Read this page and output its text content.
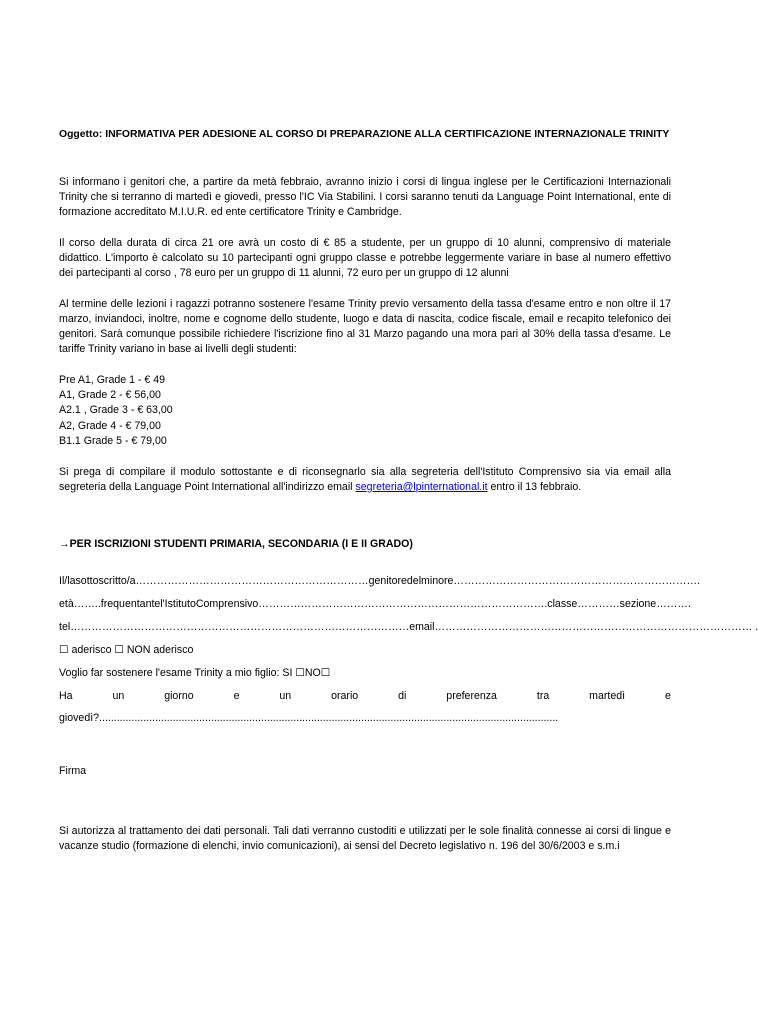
Oggetto: INFORMATIVA PER ADESIONE AL CORSO DI PREPARAZIONE ALLA CERTIFICAZIONE INTERNAZIONALE TRINITY

Si informano i genitori che, a partire da metà febbraio, avranno inizio i corsi di lingua inglese per le Certificazioni Internazionali Trinity che si terranno di martedì e giovedì, presso l'IC Via Stabilini. I corsi saranno tenuti da Language Point International, ente di formazione accreditato M.I.U.R. ed ente certificatore Trinity e Cambridge.

Il corso della durata di circa 21 ore avrà un costo di € 85 a studente, per un gruppo di 10 alunni, comprensivo di materiale didattico. L'importo è calcolato su 10 partecipanti ogni gruppo classe e potrebbe leggermente variare in base al numero effettivo dei partecipanti al corso , 78 euro per un gruppo di 11 alunni, 72 euro per un gruppo di 12 alunni

Al termine delle lezioni i ragazzi potranno sostenere l'esame Trinity previo versamento della tassa d'esame entro e non oltre il 17 marzo, inviandoci, inoltre, nome e cognome dello studente, luogo e data di nascita, codice fiscale, email e recapito telefonico dei genitori. Sarà comunque possibile richiedere l'iscrizione fino al 31 Marzo pagando una mora pari al 30% della tassa d'esame. Le tariffe Trinity variano in base ai livelli degli studenti:

Pre A1, Grade 1 - € 49
A1, Grade 2 - € 56,00
A2.1 , Grade 3 - € 63,00
A2, Grade 4 - € 79,00
B1.1 Grade 5 - € 79,00

Si prega di compilare il modulo sottostante e di riconsegnarlo sia alla segreteria dell'Istituto Comprensivo sia via email alla segreteria della Language Point International all'indirizzo email segreteria@lpinternational.it entro il 13 febbraio.

→PER ISCRIZIONI STUDENTI PRIMARIA, SECONDARIA (I E II GRADO)

Il/la sottoscritto/a…………………………………………………………genitore del minore…………………………………………………………….
età……..frequentante l'Istituto Comprensivo……………………………………………………………………….classe…………sezione……….
tel……………………………………………………………………………………email……………………………………………………………………………… .
☐ aderisco ☐ NON aderisco
Voglio far sostenere l'esame Trinity a mio figlio: SI ☐NO☐
Ha	un	giorno	e	un	orario	di	preferenza	tra	martedì	e
giovedì?............................................................................................................................................................

Firma

Si autorizza al trattamento dei dati personali. Tali dati verranno custoditi e utilizzati per le sole finalità connesse ai corsi di lingue e vacanze studio (formazione di elenchi, invio comunicazioni), ai sensi del Decreto legislativo n. 196 del 30/6/2003 e s.m.i
